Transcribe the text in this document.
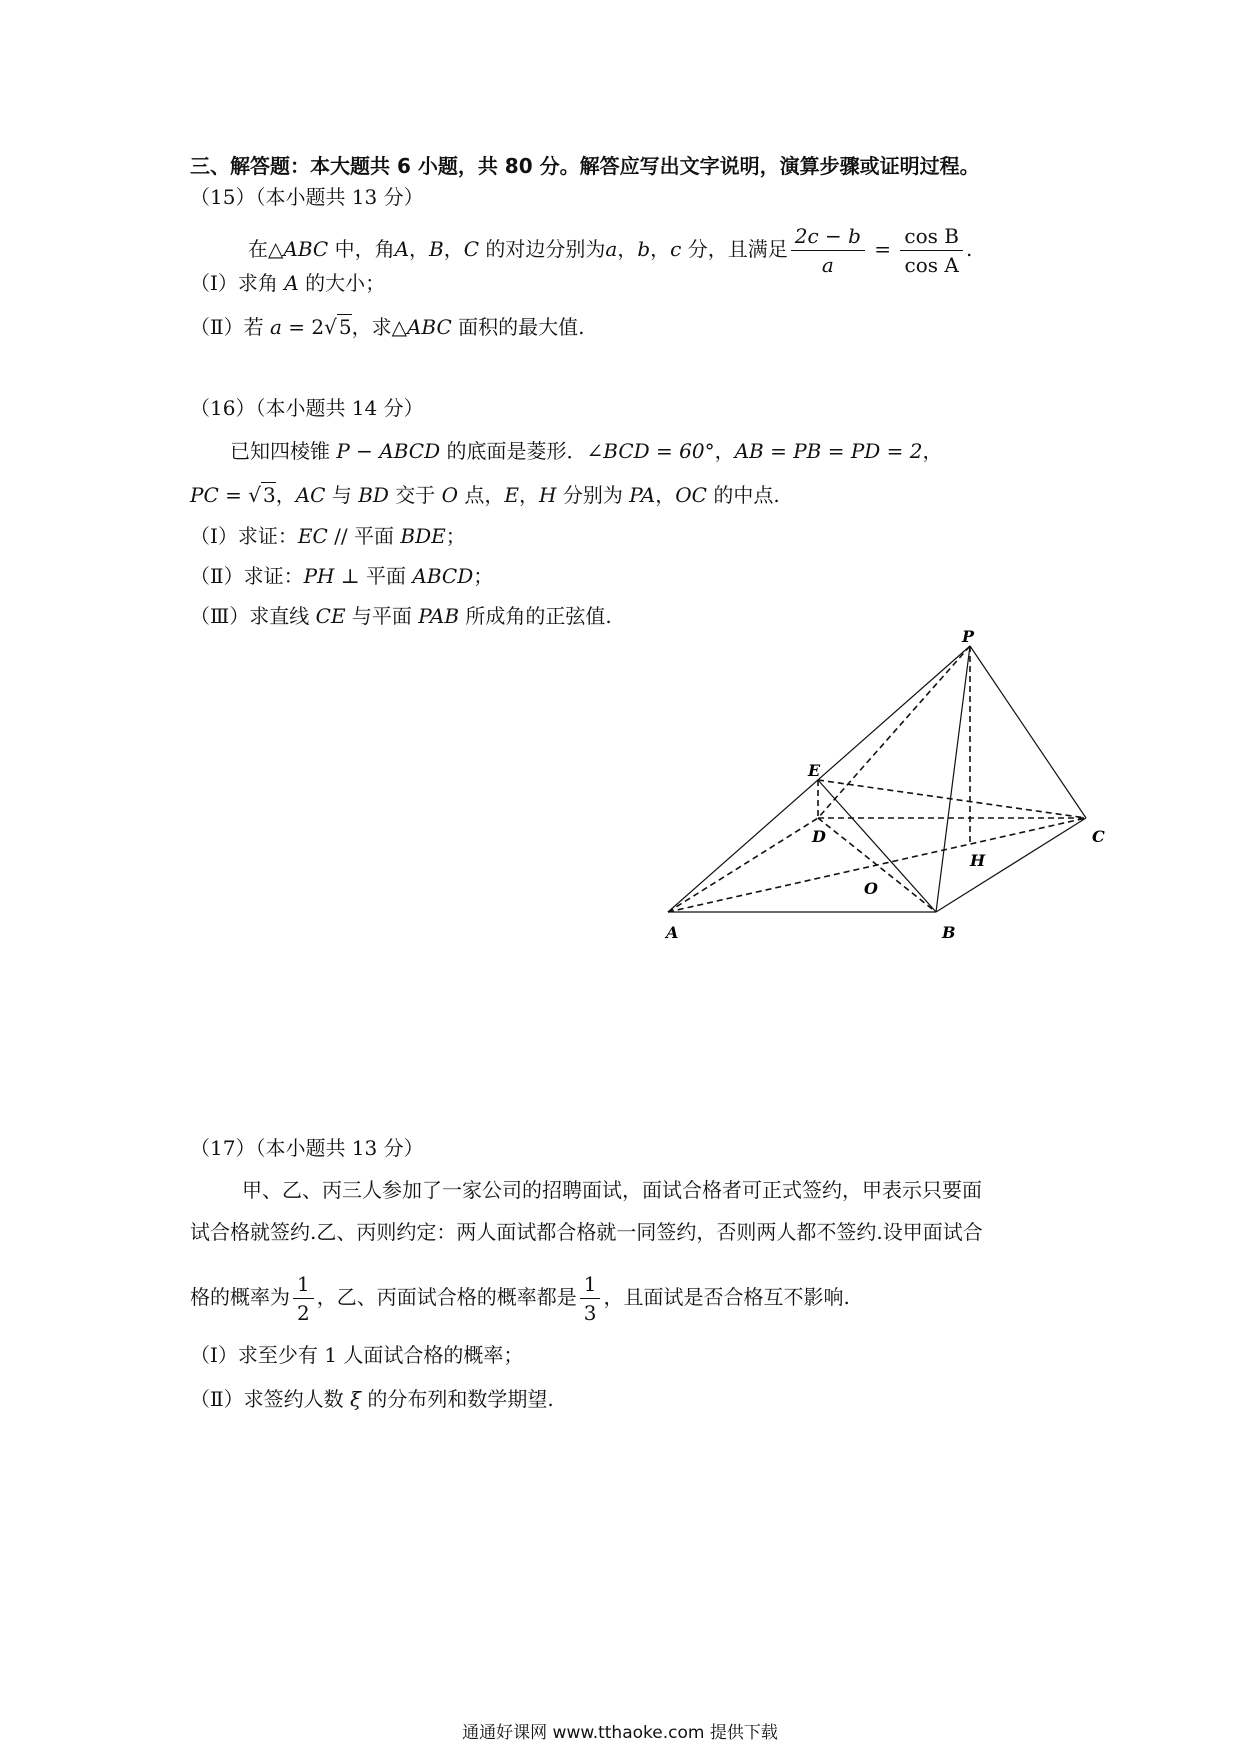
三、解答题：本大题共 6 小题，共 80 分。解答应写出文字说明，演算步骤或证明过程。
（15）（本小题共 13 分）
在△ABC 中，角A，B，C 的对边分别为a，b，c 分，且满足 $\frac{2c - b}{a} = \frac{\text{cos B}}{\text{cos A}}$ .
（Ⅰ）求角 A 的大小；
（Ⅱ）若 a = 2√ 5，求△ABC 面积的最大值.
（16）（本小题共 14 分）
已知四棱锥 P − ABCD 的底面是菱形．∠BCD = 60°，AB = PB = PD = 2，
PC = √ 3，AC 与 BD 交于 O 点，E，H 分别为 PA，OC 的中点.
（Ⅰ）求证：EC // 平面 BDE；
（Ⅱ）求证：PH ⊥ 平面 ABCD；
（Ⅲ）求直线 CE 与平面 PAB 所成角的正弦值.
P
E
D	C
H
O
A	B
（17）（本小题共 13 分）
甲、乙、丙三人参加了一家公司的招聘面试，面试合格者可正式签约，甲表示只要面
试合格就签约.乙、丙则约定：两人面试都合格就一同签约，否则两人都不签约.设甲面试合
格的概率为 $\frac{1}{2}$ ，乙、丙面试合格的概率都是 $\frac{1}{3}$ ，且面试是否合格互不影响.
（Ⅰ）求至少有 1 人面试合格的概率；
（Ⅱ）求签约人数 ξ 的分布列和数学期望.
通通好课网 www.tthaoke.com 提供下载
